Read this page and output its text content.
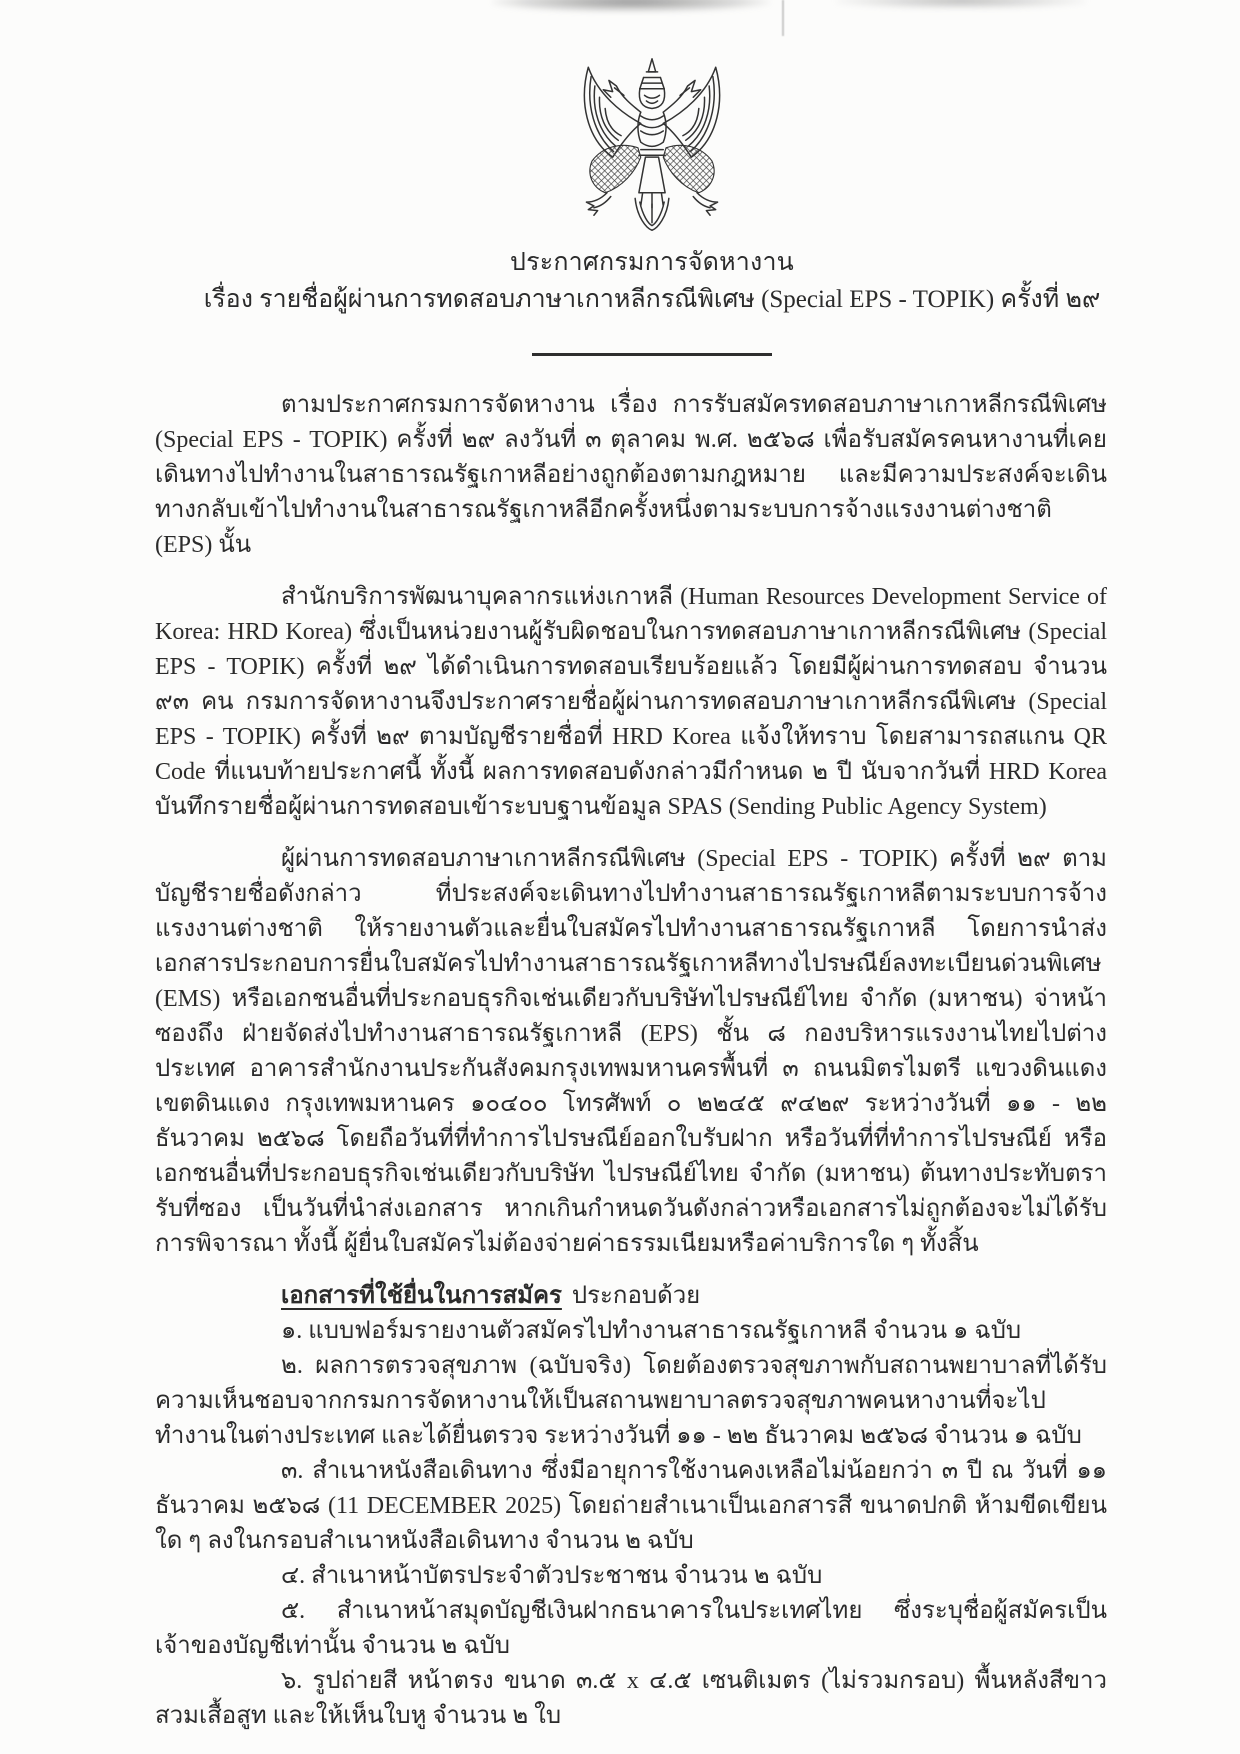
ประกาศกรมการจัดหางาน
เรื่อง รายชื่อผู้ผ่านการทดสอบภาษาเกาหลีกรณีพิเศษ (Special EPS - TOPIK) ครั้งที่ ๒๙

ตามประกาศกรมการจัดหางาน เรื่อง การรับสมัครทดสอบภาษาเกาหลีกรณีพิเศษ (Special EPS - TOPIK) ครั้งที่ ๒๙ ลงวันที่ ๓ ตุลาคม พ.ศ. ๒๕๖๘ เพื่อรับสมัครคนหางานที่เคยเดินทางไปทำงานในสาธารณรัฐเกาหลีอย่างถูกต้องตามกฎหมาย และมีความประสงค์จะเดินทางกลับเข้าไปทำงานในสาธารณรัฐเกาหลีอีกครั้งหนึ่งตามระบบการจ้างแรงงานต่างชาติ (EPS) นั้น

สำนักบริการพัฒนาบุคลากรแห่งเกาหลี (Human Resources Development Service of Korea: HRD Korea) ซึ่งเป็นหน่วยงานผู้รับผิดชอบในการทดสอบภาษาเกาหลีกรณีพิเศษ (Special EPS - TOPIK) ครั้งที่ ๒๙ ได้ดำเนินการทดสอบเรียบร้อยแล้ว โดยมีผู้ผ่านการทดสอบ จำนวน ๙๓ คน กรมการจัดหางานจึงประกาศรายชื่อผู้ผ่านการทดสอบภาษาเกาหลีกรณีพิเศษ (Special EPS - TOPIK) ครั้งที่ ๒๙ ตามบัญชีรายชื่อที่ HRD Korea แจ้งให้ทราบ โดยสามารถสแกน QR Code ที่แนบท้ายประกาศนี้ ทั้งนี้ ผลการทดสอบดังกล่าวมีกำหนด ๒ ปี นับจากวันที่ HRD Korea บันทึกรายชื่อผู้ผ่านการทดสอบเข้าระบบฐานข้อมูล SPAS (Sending Public Agency System)

ผู้ผ่านการทดสอบภาษาเกาหลีกรณีพิเศษ (Special EPS - TOPIK) ครั้งที่ ๒๙ ตามบัญชีรายชื่อดังกล่าว ที่ประสงค์จะเดินทางไปทำงานสาธารณรัฐเกาหลีตามระบบการจ้างแรงงานต่างชาติ ให้รายงานตัวและยื่นใบสมัครไปทำงานสาธารณรัฐเกาหลี โดยการนำส่งเอกสารประกอบการยื่นใบสมัครไปทำงานสาธารณรัฐเกาหลีทางไปรษณีย์ลงทะเบียนด่วนพิเศษ (EMS) หรือเอกชนอื่นที่ประกอบธุรกิจเช่นเดียวกับบริษัทไปรษณีย์ไทย จำกัด (มหาชน) จ่าหน้าซองถึง ฝ่ายจัดส่งไปทำงานสาธารณรัฐเกาหลี (EPS) ชั้น ๘ กองบริหารแรงงานไทยไปต่างประเทศ อาคารสำนักงานประกันสังคมกรุงเทพมหานครพื้นที่ ๓ ถนนมิตรไมตรี แขวงดินแดง เขตดินแดง กรุงเทพมหานคร ๑๐๔๐๐ โทรศัพท์ ๐ ๒๒๔๕ ๙๔๒๙ ระหว่างวันที่ ๑๑ - ๒๒ ธันวาคม ๒๕๖๘ โดยถือวันที่ที่ทำการไปรษณีย์ออกใบรับฝาก หรือวันที่ที่ทำการไปรษณีย์ หรือเอกชนอื่นที่ประกอบธุรกิจเช่นเดียวกับบริษัท ไปรษณีย์ไทย จำกัด (มหาชน) ต้นทางประทับตรารับที่ซอง เป็นวันที่นำส่งเอกสาร หากเกินกำหนดวันดังกล่าวหรือเอกสารไม่ถูกต้องจะไม่ได้รับการพิจารณา ทั้งนี้ ผู้ยื่นใบสมัครไม่ต้องจ่ายค่าธรรมเนียมหรือค่าบริการใด ๆ ทั้งสิ้น

เอกสารที่ใช้ยื่นในการสมัคร ประกอบด้วย

๑. แบบฟอร์มรายงานตัวสมัครไปทำงานสาธารณรัฐเกาหลี จำนวน ๑ ฉบับ

๒. ผลการตรวจสุขภาพ (ฉบับจริง) โดยต้องตรวจสุขภาพกับสถานพยาบาลที่ได้รับความเห็นชอบจากกรมการจัดหางานให้เป็นสถานพยาบาลตรวจสุขภาพคนหางานที่จะไปทำงานในต่างประเทศ และได้ยื่นตรวจ ระหว่างวันที่ ๑๑ - ๒๒ ธันวาคม ๒๕๖๘ จำนวน ๑ ฉบับ

๓. สำเนาหนังสือเดินทาง ซึ่งมีอายุการใช้งานคงเหลือไม่น้อยกว่า ๓ ปี ณ วันที่ ๑๑ ธันวาคม ๒๕๖๘ (11 DECEMBER 2025) โดยถ่ายสำเนาเป็นเอกสารสี ขนาดปกติ ห้ามขีดเขียนใด ๆ ลงในกรอบสำเนาหนังสือเดินทาง จำนวน ๒ ฉบับ

๔. สำเนาหน้าบัตรประจำตัวประชาชน จำนวน ๒ ฉบับ

๕. สำเนาหน้าสมุดบัญชีเงินฝากธนาคารในประเทศไทย ซึ่งระบุชื่อผู้สมัครเป็นเจ้าของบัญชีเท่านั้น จำนวน ๒ ฉบับ

๖. รูปถ่ายสี หน้าตรง ขนาด ๓.๕ x ๔.๕ เซนติเมตร (ไม่รวมกรอบ) พื้นหลังสีขาว สวมเสื้อสูท และให้เห็นใบหู จำนวน ๒ ใบ
